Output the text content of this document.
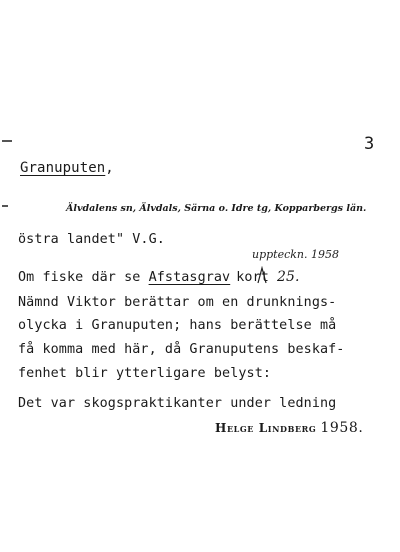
3
Granuputen,
Älvdalens sn, Älvdals, Särna o. Idre tg, Kopparbergs län.
östra landet" V.G.
uppteckn. 1958
Om fiske där se Afstasgrav kort 25.
Nämnd Viktor berättar om en drunknings-
olycka i Granuputen; hans berättelse må
få komma med här, då Granuputens beskaf-
fenhet blir ytterligare belyst:
Det var skogspraktikanter under ledning
Helge Lindberg 1958.
